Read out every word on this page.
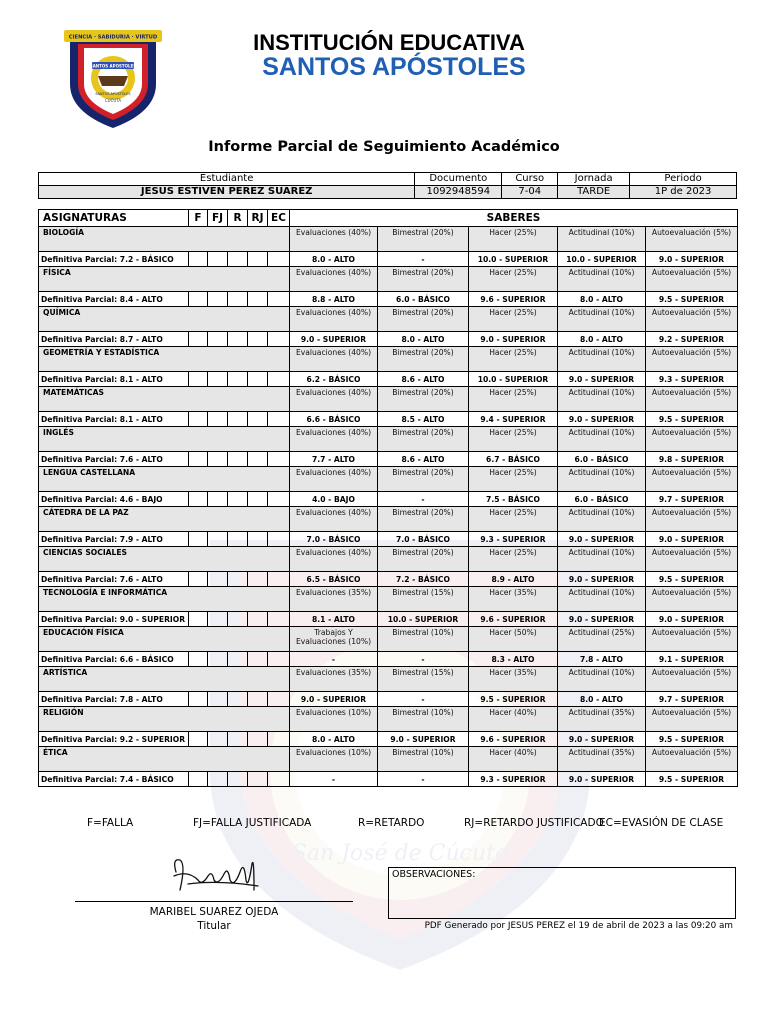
San José de Cúcuta
CÚCUTA
CIENCIA · SABIDURIA · VIRTUD
SANTOS APOSTOLES
SANTOS APOSTOLES
INSTITUCIÓN EDUCATIVA
SANTOS APÓSTOLES
Informe Parcial de Seguimiento Académico
Estudiante	Documento	Curso	Jornada	Periodo
JESUS ESTIVEN PEREZ SUAREZ	1092948594	7-04	TARDE	1P de 2023
ASIGNATURAS	F	FJ	R	RJ	EC	SABERES				
BIOLOGÍA						Evaluaciones (40%)	Bimestral (20%)	Hacer (25%)	Actitudinal (10%)	Autoevaluación (5%)
Definitiva Parcial: 7.2 - BÁSICO						8.0 - ALTO	-	10.0 - SUPERIOR	10.0 - SUPERIOR	9.0 - SUPERIOR
FÍSICA						Evaluaciones (40%)	Bimestral (20%)	Hacer (25%)	Actitudinal (10%)	Autoevaluación (5%)
Definitiva Parcial: 8.4 - ALTO						8.8 - ALTO	6.0 - BÁSICO	9.6 - SUPERIOR	8.0 - ALTO	9.5 - SUPERIOR
QUÍMICA						Evaluaciones (40%)	Bimestral (20%)	Hacer (25%)	Actitudinal (10%)	Autoevaluación (5%)
Definitiva Parcial: 8.7 - ALTO						9.0 - SUPERIOR	8.0 - ALTO	9.0 - SUPERIOR	8.0 - ALTO	9.2 - SUPERIOR
GEOMETRÍA Y ESTADÍSTICA						Evaluaciones (40%)	Bimestral (20%)	Hacer (25%)	Actitudinal (10%)	Autoevaluación (5%)
Definitiva Parcial: 8.1 - ALTO						6.2 - BÁSICO	8.6 - ALTO	10.0 - SUPERIOR	9.0 - SUPERIOR	9.3 - SUPERIOR
MATEMÁTICAS						Evaluaciones (40%)	Bimestral (20%)	Hacer (25%)	Actitudinal (10%)	Autoevaluación (5%)
Definitiva Parcial: 8.1 - ALTO						6.6 - BÁSICO	8.5 - ALTO	9.4 - SUPERIOR	9.0 - SUPERIOR	9.5 - SUPERIOR
INGLÉS						Evaluaciones (40%)	Bimestral (20%)	Hacer (25%)	Actitudinal (10%)	Autoevaluación (5%)
Definitiva Parcial: 7.6 - ALTO						7.7 - ALTO	8.6 - ALTO	6.7 - BÁSICO	6.0 - BÁSICO	9.8 - SUPERIOR
LENGUA CASTELLANA						Evaluaciones (40%)	Bimestral (20%)	Hacer (25%)	Actitudinal (10%)	Autoevaluación (5%)
Definitiva Parcial: 4.6 - BAJO						4.0 - BAJO	-	7.5 - BÁSICO	6.0 - BÁSICO	9.7 - SUPERIOR
CÁTEDRA DE LA PAZ						Evaluaciones (40%)	Bimestral (20%)	Hacer (25%)	Actitudinal (10%)	Autoevaluación (5%)
Definitiva Parcial: 7.9 - ALTO						7.0 - BÁSICO	7.0 - BÁSICO	9.3 - SUPERIOR	9.0 - SUPERIOR	9.0 - SUPERIOR
CIENCIAS SOCIALES						Evaluaciones (40%)	Bimestral (20%)	Hacer (25%)	Actitudinal (10%)	Autoevaluación (5%)
Definitiva Parcial: 7.6 - ALTO						6.5 - BÁSICO	7.2 - BÁSICO	8.9 - ALTO	9.0 - SUPERIOR	9.5 - SUPERIOR
TECNOLOGÍA E INFORMÁTICA						Evaluaciones (35%)	Bimestral (15%)	Hacer (35%)	Actitudinal (10%)	Autoevaluación (5%)
Definitiva Parcial: 9.0 - SUPERIOR						8.1 - ALTO	10.0 - SUPERIOR	9.6 - SUPERIOR	9.0 - SUPERIOR	9.0 - SUPERIOR
EDUCACIÓN FÍSICA						Trabajos Y Evaluaciones (10%)	Bimestral (10%)	Hacer (50%)	Actitudinal (25%)	Autoevaluación (5%)
Definitiva Parcial: 6.6 - BÁSICO						-	-	8.3 - ALTO	7.8 - ALTO	9.1 - SUPERIOR
ARTÍSTICA						Evaluaciones (35%)	Bimestral (15%)	Hacer (35%)	Actitudinal (10%)	Autoevaluación (5%)
Definitiva Parcial: 7.8 - ALTO						9.0 - SUPERIOR	-	9.5 - SUPERIOR	8.0 - ALTO	9.7 - SUPERIOR
RELIGIÓN						Evaluaciones (10%)	Bimestral (10%)	Hacer (40%)	Actitudinal (35%)	Autoevaluación (5%)
Definitiva Parcial: 9.2 - SUPERIOR						8.0 - ALTO	9.0 - SUPERIOR	9.6 - SUPERIOR	9.0 - SUPERIOR	9.5 - SUPERIOR
ÉTICA						Evaluaciones (10%)	Bimestral (10%)	Hacer (40%)	Actitudinal (35%)	Autoevaluación (5%)
Definitiva Parcial: 7.4 - BÁSICO						-	-	9.3 - SUPERIOR	9.0 - SUPERIOR	9.5 - SUPERIOR
F=FALLA	FJ=FALLA JUSTIFICADA	R=RETARDO	RJ=RETARDO JUSTIFICADO
EC=EVASIÓN DE CLASE
MARIBEL SUAREZ OJEDA
Titular
OBSERVACIONES:
PDF Generado por JESUS PEREZ el 19 de abril de 2023 a las 09:20 am
